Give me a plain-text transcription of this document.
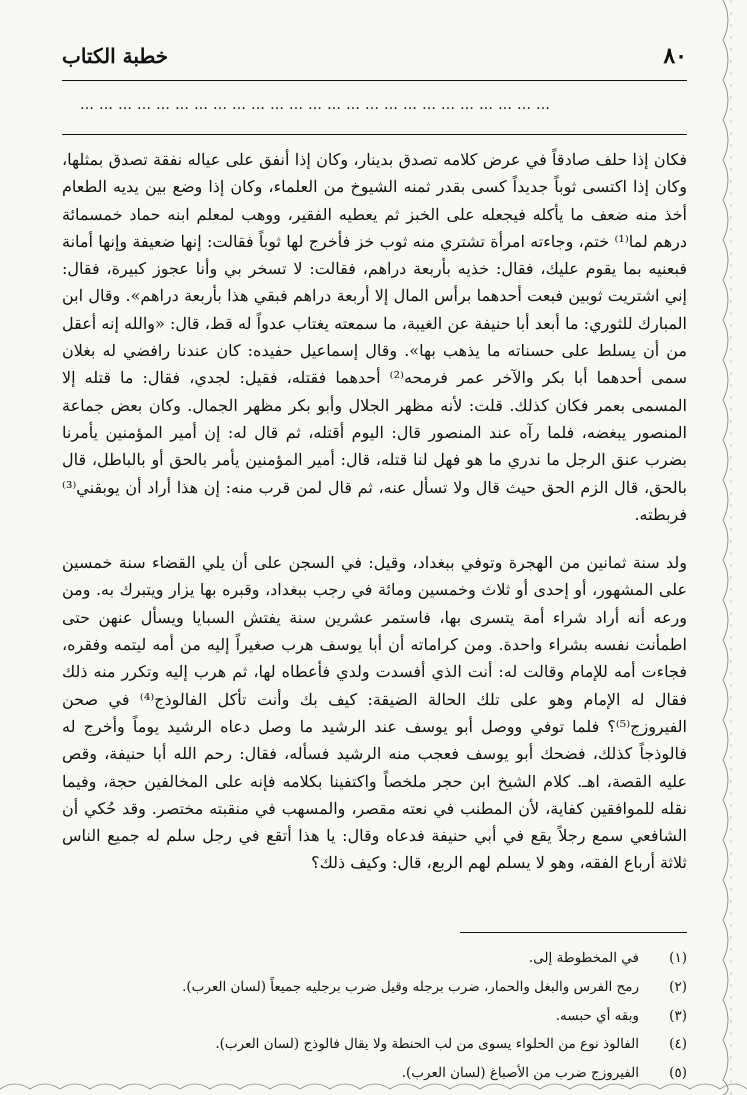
٨٠
خطبة الكتاب
…………………………………………………………………

فكان إذا حلف صادقاً في عرض كلامه تصدق بدينار، وكان إذا أنفق على عياله نفقة تصدق بمثلها، وكان إذا اكتسى ثوباً جديداً كسى بقدر ثمنه الشيوخ من العلماء، وكان إذا وضع بين يديه الطعام أخذ منه ضعف ما يأكله فيجعله على الخبز ثم يعطيه الفقير، ووهب لمعلم ابنه حماد خمسمائة درهم لما⁽¹⁾ ختم، وجاءته امرأة تشتري منه ثوب خز فأخرج لها ثوباً فقالت: إنها ضعيفة وإنها أمانة فبعنيه بما يقوم عليك، فقال: خذيه بأربعة دراهم، فقالت: لا تسخر بي وأنا عجوز كبيرة، فقال: إني اشتريت ثوبين فبعت أحدهما برأس المال إلا أربعة دراهم فبقي هذا بأربعة دراهم». وقال ابن المبارك للثوري: ما أبعد أبا حنيفة عن الغيبة، ما سمعته يغتاب عدواً له قط، قال: «والله إنه أعقل من أن يسلط على حسناته ما يذهب بها». وقال إسماعيل حفيده: كان عندنا رافضي له بغلان سمى أحدهما أبا بكر والآخر عمر فرمحه⁽²⁾ أحدهما فقتله، فقيل: لجدي، فقال: ما قتله إلا المسمى بعمر فكان كذلك. قلت: لأنه مظهر الجلال وأبو بكر مظهر الجمال. وكان بعض جماعة المنصور يبغضه، فلما رآه عند المنصور قال: اليوم أقتله، ثم قال له: إن أمير المؤمنين يأمرنا بضرب عنق الرجل ما ندري ما هو فهل لنا قتله، قال: أمير المؤمنين يأمر بالحق أو بالباطل، قال بالحق، قال الزم الحق حيث قال ولا تسأل عنه، ثم قال لمن قرب منه: إن هذا أراد أن يوبقني⁽³⁾ فربطته.

ولد سنة ثمانين من الهجرة وتوفي ببغداد، وقيل: في السجن على أن يلي القضاء سنة خمسين على المشهور، أو إحدى أو ثلاث وخمسين ومائة في رجب ببغداد، وقبره بها يزار ويتبرك به. ومن ورعه أنه أراد شراء أمة يتسرى بها، فاستمر عشرين سنة يفتش السبايا ويسأل عنهن حتى اطمأنت نفسه بشراء واحدة. ومن كراماته أن أبا يوسف هرب صغيراً إليه من أمه ليتمه وفقره، فجاءت أمه للإمام وقالت له: أنت الذي أفسدت ولدي فأعطاه لها، ثم هرب إليه وتكرر منه ذلك فقال له الإمام وهو على تلك الحالة الضيقة: كيف بك وأنت تأكل الفالوذج⁽⁴⁾ في صحن الفيروزج⁽⁵⁾؟ فلما توفي ووصل أبو يوسف عند الرشيد ما وصل دعاه الرشيد يوماً وأخرج له فالوذجاً كذلك، فضحك أبو يوسف فعجب منه الرشيد فسأله، فقال: رحم الله أبا حنيفة، وقص عليه القصة، اهـ. كلام الشيخ ابن حجر ملخصاً واكتفينا بكلامه فإنه على المخالفين حجة، وفيما نقله للموافقين كفاية، لأن المطنب في نعته مقصر، والمسهب في منقبته مختصر. وقد حُكي أن الشافعي سمع رجلاً يقع في أبي حنيفة فدعاه وقال: يا هذا أتقع في رجل سلم له جميع الناس ثلاثة أرباع الفقه، وهو لا يسلم لهم الربع، قال: وكيف ذلك؟

(١)
في المخطوطة إلى.
(٢)
رمح الفرس والبغل والحمار، ضرب برجله وقيل ضرب برجليه جميعاً (لسان العرب).
(٣)
وبقه أي حبسه.
(٤)
الفالوذ نوع من الحلواء يسوى من لب الحنطة ولا يقال فالوذج (لسان العرب).
(٥)
الفيروزج ضرب من الأصباغ (لسان العرب).
